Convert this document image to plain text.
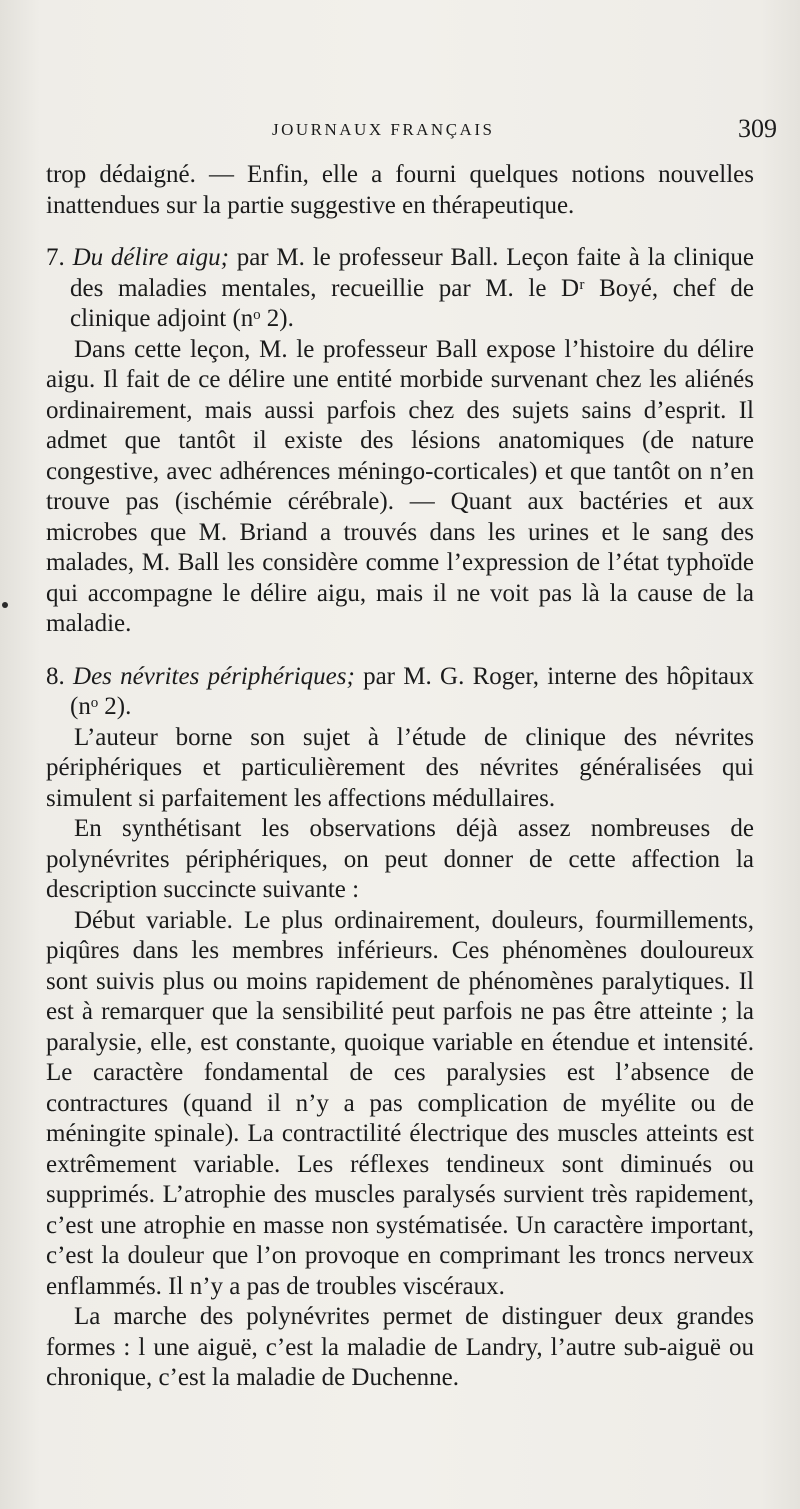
JOURNAUX FRANÇAIS	309

trop dédaigné. — Enfin, elle a fourni quelques notions nouvelles inattendues sur la partie suggestive en thérapeutique.

7. Du délire aigu; par M. le professeur Ball. Leçon faite à la clinique des maladies mentales, recueillie par M. le Dʳ Boyé, chef de clinique adjoint (nᵒ 2).

Dans cette leçon, M. le professeur Ball expose l’histoire du délire aigu. Il fait de ce délire une entité morbide survenant chez les aliénés ordinairement, mais aussi parfois chez des sujets sains d’esprit. Il admet que tantôt il existe des lésions anatomiques (de nature congestive, avec adhérences méningo-corticales) et que tantôt on n’en trouve pas (ischémie cérébrale). — Quant aux bactéries et aux microbes que M. Briand a trouvés dans les urines et le sang des malades, M. Ball les considère comme l’expression de l’état typhoïde qui accompagne le délire aigu, mais il ne voit pas là la cause de la maladie.

8. Des névrites périphériques; par M. G. Roger, interne des hôpitaux (nᵒ 2).

L’auteur borne son sujet à l’étude de clinique des névrites périphériques et particulièrement des névrites généralisées qui simulent si parfaitement les affections médullaires.

En synthétisant les observations déjà assez nombreuses de polynévrites périphériques, on peut donner de cette affection la description succincte suivante :

Début variable. Le plus ordinairement, douleurs, fourmillements, piqûres dans les membres inférieurs. Ces phénomènes douloureux sont suivis plus ou moins rapidement de phénomènes paralytiques. Il est à remarquer que la sensibilité peut parfois ne pas être atteinte ; la paralysie, elle, est constante, quoique variable en étendue et intensité. Le caractère fondamental de ces paralysies est l’absence de contractures (quand il n’y a pas complication de myélite ou de méningite spinale). La contractilité électrique des muscles atteints est extrêmement variable. Les réflexes tendineux sont diminués ou supprimés. L’atrophie des muscles paralysés survient très rapidement, c’est une atrophie en masse non systématisée. Un caractère important, c’est la douleur que l’on provoque en comprimant les troncs nerveux enflammés. Il n’y a pas de troubles viscéraux.

La marche des polynévrites permet de distinguer deux grandes formes : l une aiguë, c’est la maladie de Landry, l’autre sub-aiguë ou chronique, c’est la maladie de Duchenne.
